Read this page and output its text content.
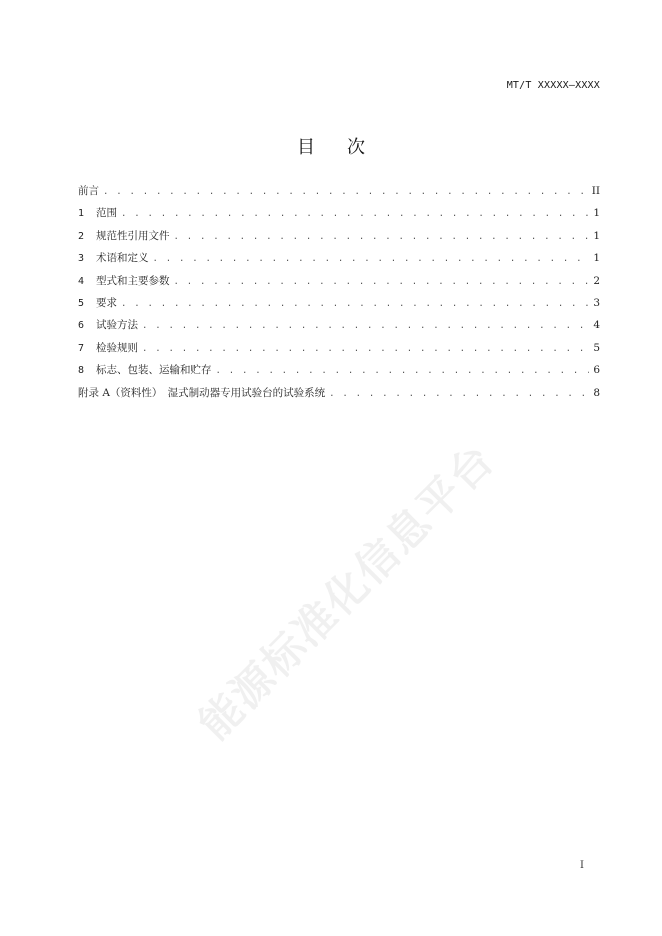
MT/T XXXXX—XXXX
目 次
前言 . . .	II
1	范围 . . .	1
2	规范性引用文件 . . .	1
3	术语和定义 . . .	1
4	型式和主要参数 . . .	2
5	要求 . . .	3
6	试验方法 . . .	4
7	检验规则 . . .	5
8	标志、包装、运输和贮存 . . .	6
附录 A（资料性）　湿式制动器专用试验台的试验系统 . . .	8
能源标准化信息平台
I
